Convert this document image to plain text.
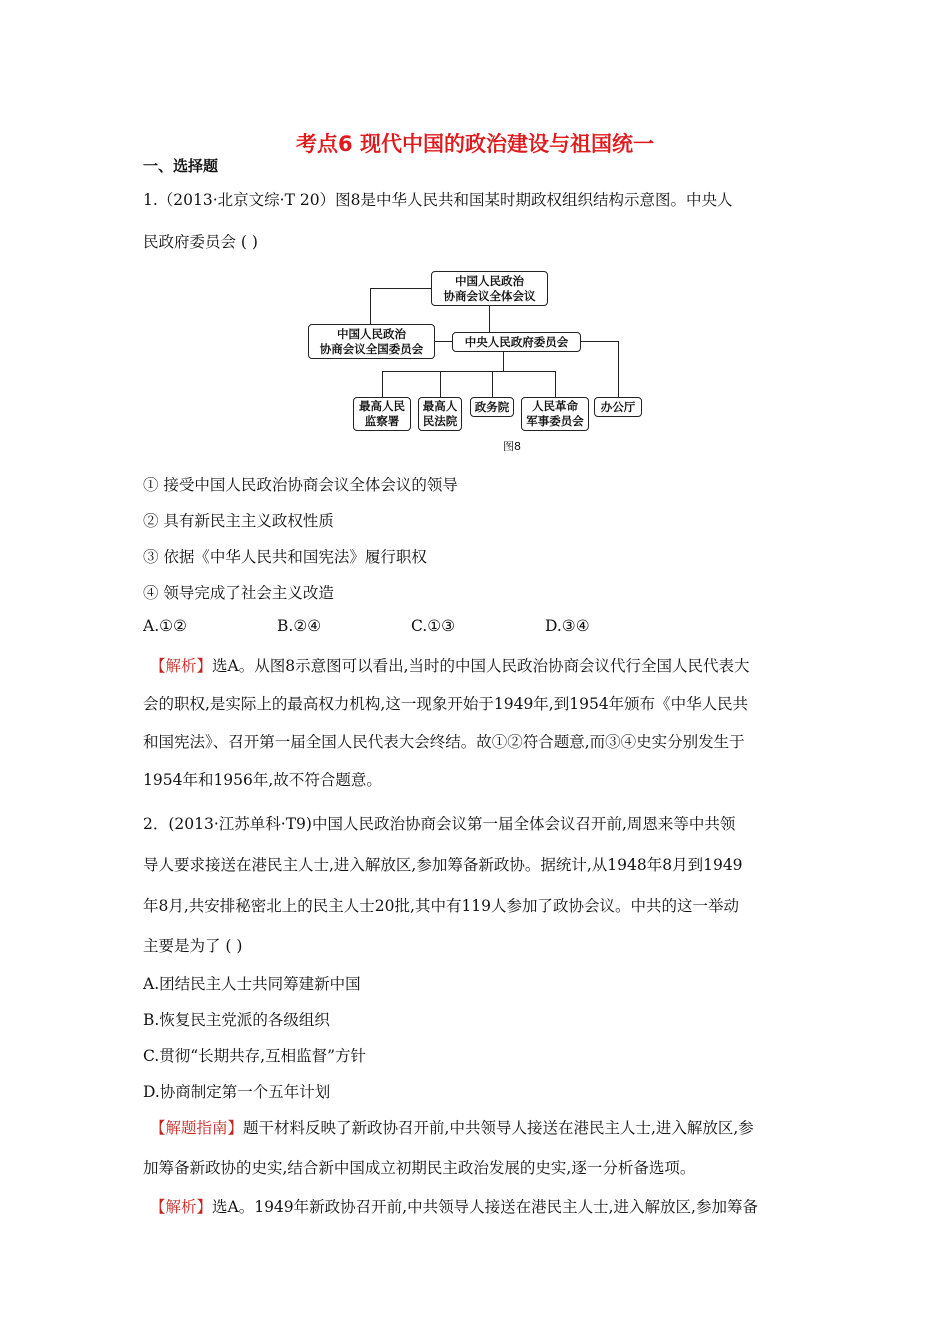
考点6 现代中国的政治建设与祖国统一
一、选择题
1.（2013·北京文综·T 20）图8是中华人民共和国某时期政权组织结构示意图。中央人
民政府委员会 ( )
中国人民政治
协商会议全体会议
中国人民政治
协商会议全国委员会	中央人民政府委员会
最高人民
监察署
最高人
民法院
政务院	人民革命
军事委员会
办公厅
图8
① 接受中国人民政治协商会议全体会议的领导
② 具有新民主主义政权性质
③ 依据《中华人民共和国宪法》履行职权
④ 领导完成了社会主义改造
A.①②	B.②④	C.①③	D.③④
【解析】选A。从图8示意图可以看出,当时的中国人民政治协商会议代行全国人民代表大
会的职权,是实际上的最高权力机构,这一现象开始于1949年,到1954年颁布《中华人民共
和国宪法》、召开第一届全国人民代表大会终结。故①②符合题意,而③④史实分别发生于
1954年和1956年,故不符合题意。
2．(2013·江苏单科·T9)中国人民政治协商会议第一届全体会议召开前,周恩来等中共领
导人要求接送在港民主人士,进入解放区,参加筹备新政协。据统计,从1948年8月到1949
年8月,共安排秘密北上的民主人士20批,其中有119人参加了政协会议。中共的这一举动
主要是为了 ( )
A.团结民主人士共同筹建新中国
B.恢复民主党派的各级组织
C.贯彻“长期共存,互相监督”方针
D.协商制定第一个五年计划
【解题指南】题干材料反映了新政协召开前,中共领导人接送在港民主人士,进入解放区,参
加筹备新政协的史实,结合新中国成立初期民主政治发展的史实,逐一分析备选项。
【解析】选A。1949年新政协召开前,中共领导人接送在港民主人士,进入解放区,参加筹备
